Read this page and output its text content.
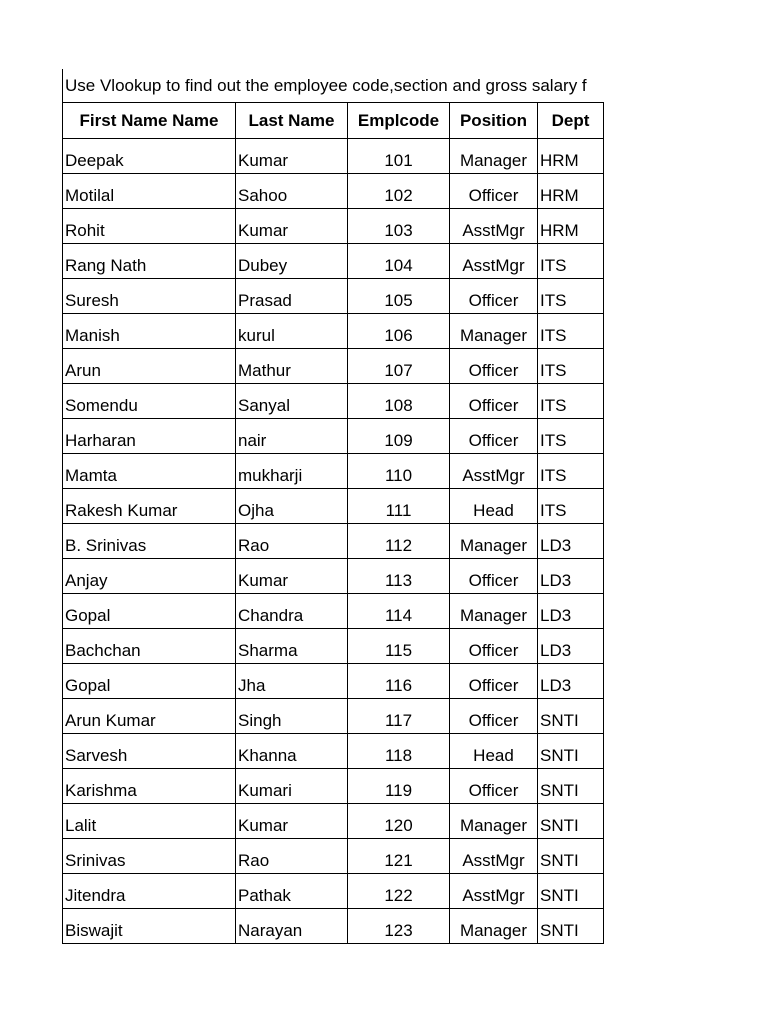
Use Vlookup to find out the employee code,section and gross salary f
First Name Name	Last Name	Emplcode	Position	Dept
Deepak	Kumar	101	Manager	HRM
Motilal	Sahoo	102	Officer	HRM
Rohit	Kumar	103	AsstMgr	HRM
Rang Nath	Dubey	104	AsstMgr	ITS
Suresh	Prasad	105	Officer	ITS
Manish	kurul	106	Manager	ITS
Arun	Mathur	107	Officer	ITS
Somendu	Sanyal	108	Officer	ITS
Harharan	nair	109	Officer	ITS
Mamta	mukharji	110	AsstMgr	ITS
Rakesh Kumar	Ojha	111	Head	ITS
B. Srinivas	Rao	112	Manager	LD3
Anjay	Kumar	113	Officer	LD3
Gopal	Chandra	114	Manager	LD3
Bachchan	Sharma	115	Officer	LD3
Gopal	Jha	116	Officer	LD3
Arun Kumar	Singh	117	Officer	SNTI
Sarvesh	Khanna	118	Head	SNTI
Karishma	Kumari	119	Officer	SNTI
Lalit	Kumar	120	Manager	SNTI
Srinivas	Rao	121	AsstMgr	SNTI
Jitendra	Pathak	122	AsstMgr	SNTI
Biswajit	Narayan	123	Manager	SNTI
